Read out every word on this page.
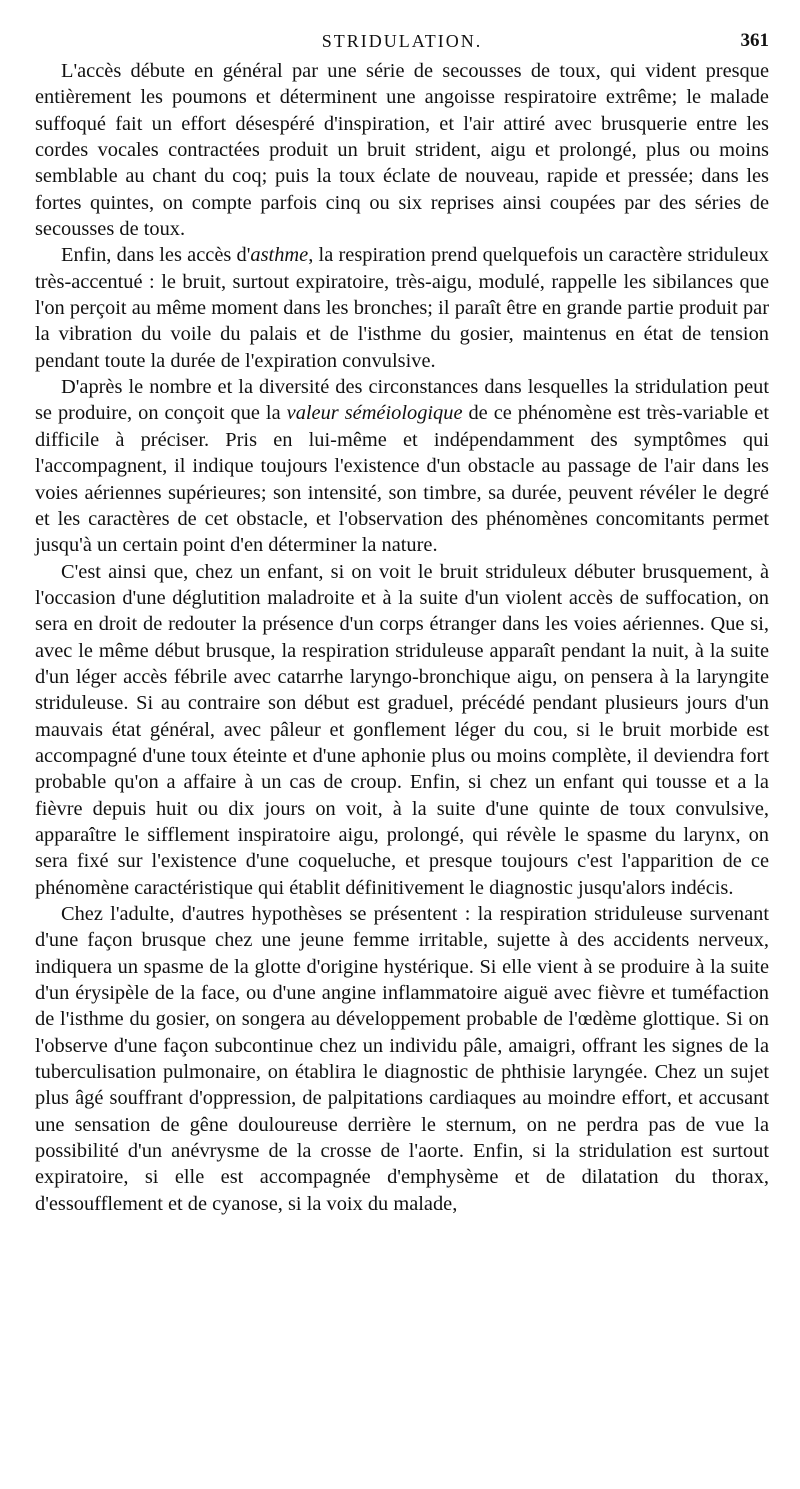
STRIDULATION.	361

L'accès débute en général par une série de secousses de toux, qui vident presque entièrement les poumons et déterminent une angoisse respiratoire extrême; le malade suffoqué fait un effort désespéré d'inspiration, et l'air attiré avec brusquerie entre les cordes vocales contractées produit un bruit strident, aigu et prolongé, plus ou moins semblable au chant du coq; puis la toux éclate de nouveau, rapide et pressée; dans les fortes quintes, on compte parfois cinq ou six reprises ainsi coupées par des séries de secousses de toux.

Enfin, dans les accès d'asthme, la respiration prend quelquefois un caractère striduleux très-accentué : le bruit, surtout expiratoire, très-aigu, modulé, rappelle les sibilances que l'on perçoit au même moment dans les bronches; il paraît être en grande partie produit par la vibration du voile du palais et de l'isthme du gosier, maintenus en état de tension pendant toute la durée de l'expiration convulsive.

D'après le nombre et la diversité des circonstances dans lesquelles la stridulation peut se produire, on conçoit que la valeur séméiologique de ce phénomène est très-variable et difficile à préciser. Pris en lui-même et indépendamment des symptômes qui l'accompagnent, il indique toujours l'existence d'un obstacle au passage de l'air dans les voies aériennes supérieures; son intensité, son timbre, sa durée, peuvent révéler le degré et les caractères de cet obstacle, et l'observation des phénomènes concomitants permet jusqu'à un certain point d'en déterminer la nature.

C'est ainsi que, chez un enfant, si on voit le bruit striduleux débuter brusquement, à l'occasion d'une déglutition maladroite et à la suite d'un violent accès de suffocation, on sera en droit de redouter la présence d'un corps étranger dans les voies aériennes. Que si, avec le même début brusque, la respiration striduleuse apparaît pendant la nuit, à la suite d'un léger accès fébrile avec catarrhe laryngo-bronchique aigu, on pensera à la laryngite striduleuse. Si au contraire son début est graduel, précédé pendant plusieurs jours d'un mauvais état général, avec pâleur et gonflement léger du cou, si le bruit morbide est accompagné d'une toux éteinte et d'une aphonie plus ou moins complète, il deviendra fort probable qu'on a affaire à un cas de croup. Enfin, si chez un enfant qui tousse et a la fièvre depuis huit ou dix jours on voit, à la suite d'une quinte de toux convulsive, apparaître le sifflement inspiratoire aigu, prolongé, qui révèle le spasme du larynx, on sera fixé sur l'existence d'une coqueluche, et presque toujours c'est l'apparition de ce phénomène caractéristique qui établit définitivement le diagnostic jusqu'alors indécis.

Chez l'adulte, d'autres hypothèses se présentent : la respiration striduleuse survenant d'une façon brusque chez une jeune femme irritable, sujette à des accidents nerveux, indiquera un spasme de la glotte d'origine hystérique. Si elle vient à se produire à la suite d'un érysipèle de la face, ou d'une angine inflammatoire aiguë avec fièvre et tuméfaction de l'isthme du gosier, on songera au développement probable de l'œdème glottique. Si on l'observe d'une façon subcontinue chez un individu pâle, amaigri, offrant les signes de la tuberculisation pulmonaire, on établira le diagnostic de phthisie laryngée. Chez un sujet plus âgé souffrant d'oppression, de palpitations cardiaques au moindre effort, et accusant une sensation de gêne douloureuse derrière le sternum, on ne perdra pas de vue la possibilité d'un anévrysme de la crosse de l'aorte. Enfin, si la stridulation est surtout expiratoire, si elle est accompagnée d'emphysème et de dilatation du thorax, d'essoufflement et de cyanose, si la voix du malade,
